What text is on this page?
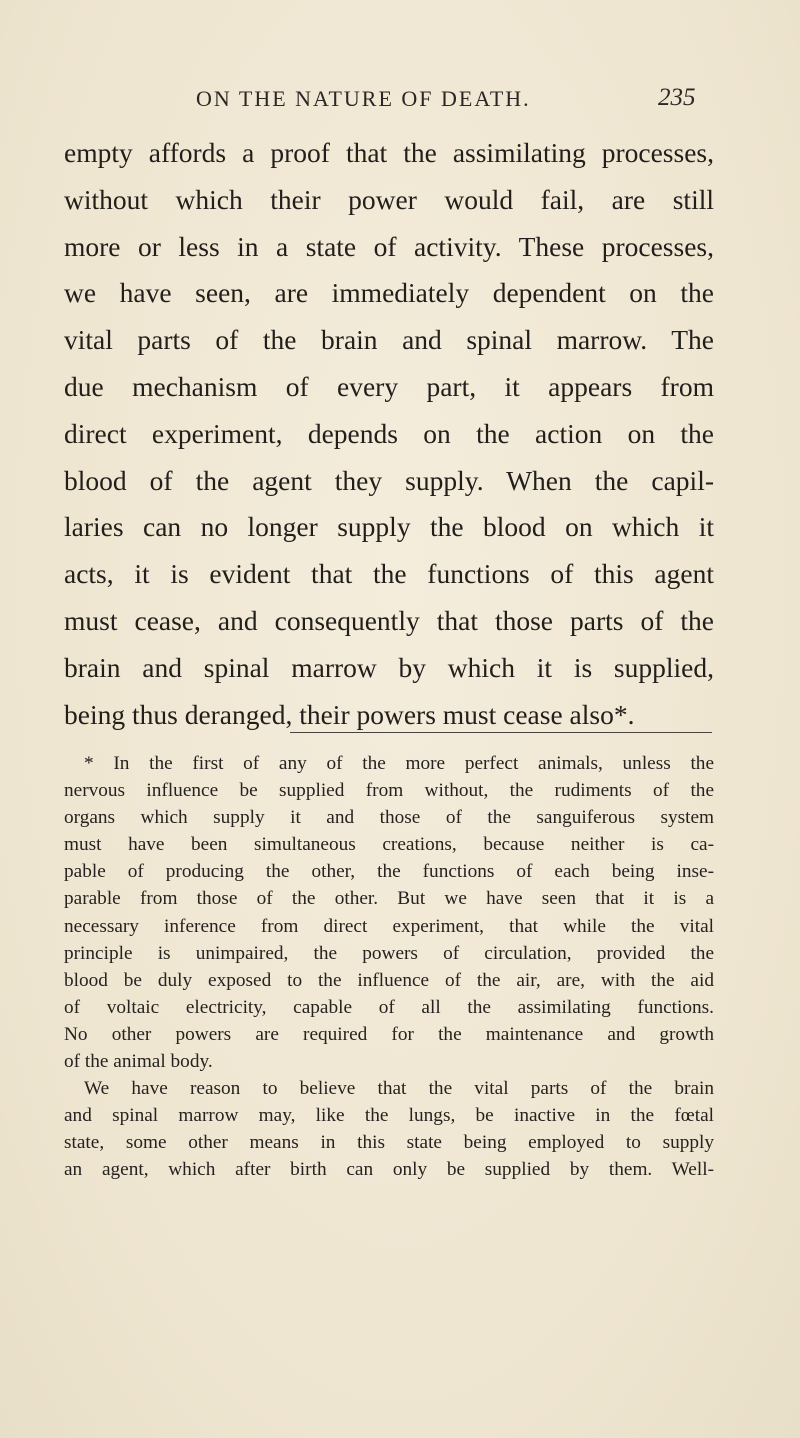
ON THE NATURE OF DEATH.	235
empty affords a proof that the assimilating processes,
without which their power would fail, are still
more or less in a state of activity. These processes,
we have seen, are immediately dependent on the
vital parts of the brain and spinal marrow. The
due mechanism of every part, it appears from
direct experiment, depends on the action on the
blood of the agent they supply. When the capil-
laries can no longer supply the blood on which it
acts, it is evident that the functions of this agent
must cease, and consequently that those parts of the
brain and spinal marrow by which it is supplied,
being thus deranged, their powers must cease also*.
* In the first of any of the more perfect animals, unless the
nervous influence be supplied from without, the rudiments of the
organs which supply it and those of the sanguiferous system
must have been simultaneous creations, because neither is ca-
pable of producing the other, the functions of each being inse-
parable from those of the other. But we have seen that it is a
necessary inference from direct experiment, that while the vital
principle is unimpaired, the powers of circulation, provided the
blood be duly exposed to the influence of the air, are, with the aid
of voltaic electricity, capable of all the assimilating functions.
No other powers are required for the maintenance and growth
of the animal body.
We have reason to believe that the vital parts of the brain
and spinal marrow may, like the lungs, be inactive in the fœtal
state, some other means in this state being employed to supply
an agent, which after birth can only be supplied by them. Well-
